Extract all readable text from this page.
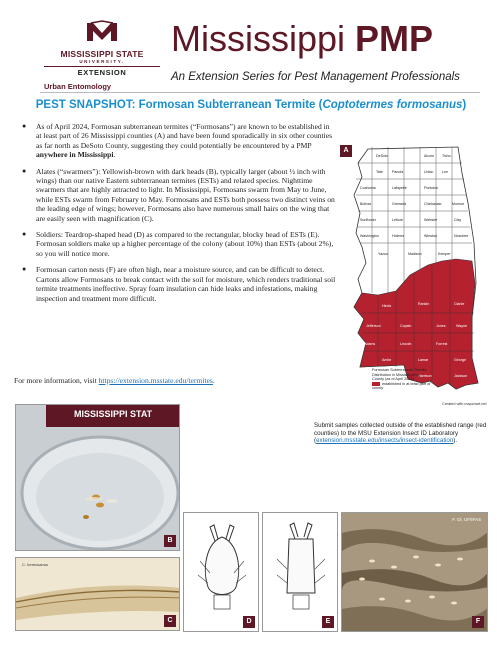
MISSISSIPPI STATE
UNIVERSITY.
EXTENSION
Urban Entomology
Mississippi PMP
An Extension Series for Pest Management Professionals
PEST SNAPSHOT: Formosan Subterranean Termite (Coptotermes formosanus)
● As of April 2024, Formosan subterranean termites (“Formosans”) are known to be established in at least part of 26 Mississippi counties (A) and have been found sporadically in six other counties as far north as DeSoto County, suggesting they could potentially be encountered by a PMP anywhere in Mississippi.
● Alates (“swarmers”): Yellowish-brown with dark heads (B), typically larger (about ½ inch with wings) than our native Eastern subterranean termites (ESTs) and related species. Nighttime swarmers that are highly attracted to light. In Mississippi, Formosans swarm from May to June, while ESTs swarm from February to May. Formosans and ESTs both possess two distinct veins on the leading edge of wings; however, Formosans also have numerous small hairs on the wing that are easily seen with magnification (C).
● Soldiers: Teardrop-shaped head (D) as compared to the rectangular, blocky head of ESTs (E). Formosan soldiers make up a higher percentage of the colony (about 10%) than ESTs (about 2%), so you will notice more.
● Formosan carton nests (F) are often high, near a moisture source, and can be difficult to detect. Cartons allow Formosans to break contact with the soil for moisture, which renders traditional soil termite treatments ineffective. Spray foam insulation can hide leaks and infestations, making inspection and treatment more difficult.
For more information, visit https://extension.msstate.edu/termites.
DeSoto	Alcorn Tisho.
Tate	Panola	Union Lee
Coahoma	Lafayette	Pontotoc
Bolivar	Grenada	Chickasaw	Monroe
Sunflower	Leflore	Webster	Clay
Washington	Holmes	Winston	Noxubee
Yazoo	Madison	Kemper
Hinds	Rankin	Clarke
Jefferson	Copiah	Jones	Wayne
Adams	Lincoln	Forrest
Amite	Lamar	George
Harrison	Jackson
A
Formosan Subterranean Termite Distribution in Mississippi by County (as of April 2024)
established in at least part of county
Created with mapchart.net
Submit samples collected outside of the established range (red counties) to the MSU Extension Insect ID Laboratory (extension.msstate.edu/insects/insect-identification).
MISSISSIPPI STAT
B
C. formosanus
C	D	E
F. Oi, UF/IFAS
F
